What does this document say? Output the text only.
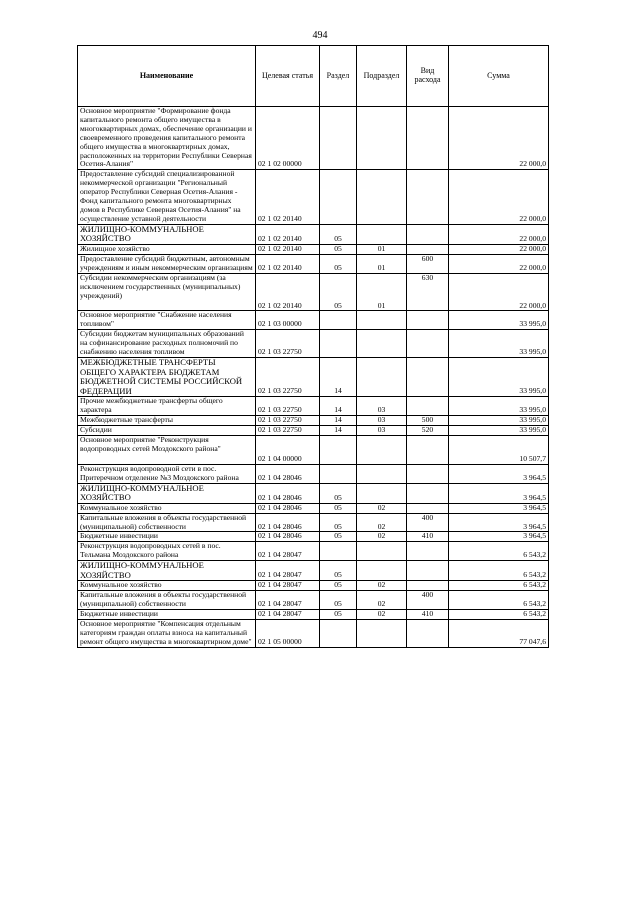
494
Наименование	Целевая статья	Раздел	Подраздел	Вид расхода	Сумма
Основное мероприятие "Формирование фонда капитального ремонта общего имущества в многоквартирных домах, обеспечение организации и своевременного проведения капитального ремонта общего имущества в многоквартирных домах, расположенных на территории Республики Северная Осетия-Алания"	02 1 02 00000				22 000,0
Предоставление субсидий специализированной некоммерческой организации "Региональный оператор Республики Северная Осетия-Алания - Фонд капитального ремонта многоквартирных домов в Республике Северная Осетия-Алания" на осуществление уставной деятельности	02 1 02 20140				22 000,0
ЖИЛИЩНО-КОММУНАЛЬНОЕ ХОЗЯЙСТВО	02 1 02 20140	05			22 000,0
Жилищное хозяйство	02 1 02 20140	05	01		22 000,0
Предоставление субсидий бюджетным, автономным учреждениям и иным некоммерческим организациям	02 1 02 20140	05	01	600	22 000,0
Субсидии некоммерческим организациям (за исключением государственных (муниципальных) учреждений)	02 1 02 20140	05	01	630	22 000,0
Основное мероприятие "Снабжение населения топливом"	02 1 03 00000				33 995,0
Субсидии бюджетам муниципальных образований на софинансирование расходных полномочий по снабжению населения топливом	02 1 03 22750				33 995,0
МЕЖБЮДЖЕТНЫЕ ТРАНСФЕРТЫ ОБЩЕГО ХАРАКТЕРА БЮДЖЕТАМ БЮДЖЕТНОЙ СИСТЕМЫ РОССИЙСКОЙ ФЕДЕРАЦИИ	02 1 03 22750	14			33 995,0
Прочие межбюджетные трансферты общего характера	02 1 03 22750	14	03		33 995,0
Межбюджетные трансферты	02 1 03 22750	14	03	500	33 995,0
Субсидии	02 1 03 22750	14	03	520	33 995,0
Основное мероприятие "Реконструкция водопроводных сетей Моздокского района"	02 1 04 00000				10 507,7
Реконструкция водопроводной сети в пос. Притеречном отделение №3 Моздокского района	02 1 04 28046				3 964,5
ЖИЛИЩНО-КОММУНАЛЬНОЕ ХОЗЯЙСТВО	02 1 04 28046	05			3 964,5
Коммунальное хозяйство	02 1 04 28046	05	02		3 964,5
Капитальные вложения в объекты государственной (муниципальной) собственности	02 1 04 28046	05	02	400	3 964,5
Бюджетные инвестиции	02 1 04 28046	05	02	410	3 964,5
Реконструкция водопроводных сетей в пос. Тельмана Моздокского района	02 1 04 28047				6 543,2
ЖИЛИЩНО-КОММУНАЛЬНОЕ ХОЗЯЙСТВО	02 1 04 28047	05			6 543,2
Коммунальное хозяйство	02 1 04 28047	05	02		6 543,2
Капитальные вложения в объекты государственной (муниципальной) собственности	02 1 04 28047	05	02	400	6 543,2
Бюджетные инвестиции	02 1 04 28047	05	02	410	6 543,2
Основное мероприятие "Компенсация отдельным категориям граждан оплаты взноса на капитальный ремонт общего имущества в многоквартирном доме"	02 1 05 00000				77 047,6
